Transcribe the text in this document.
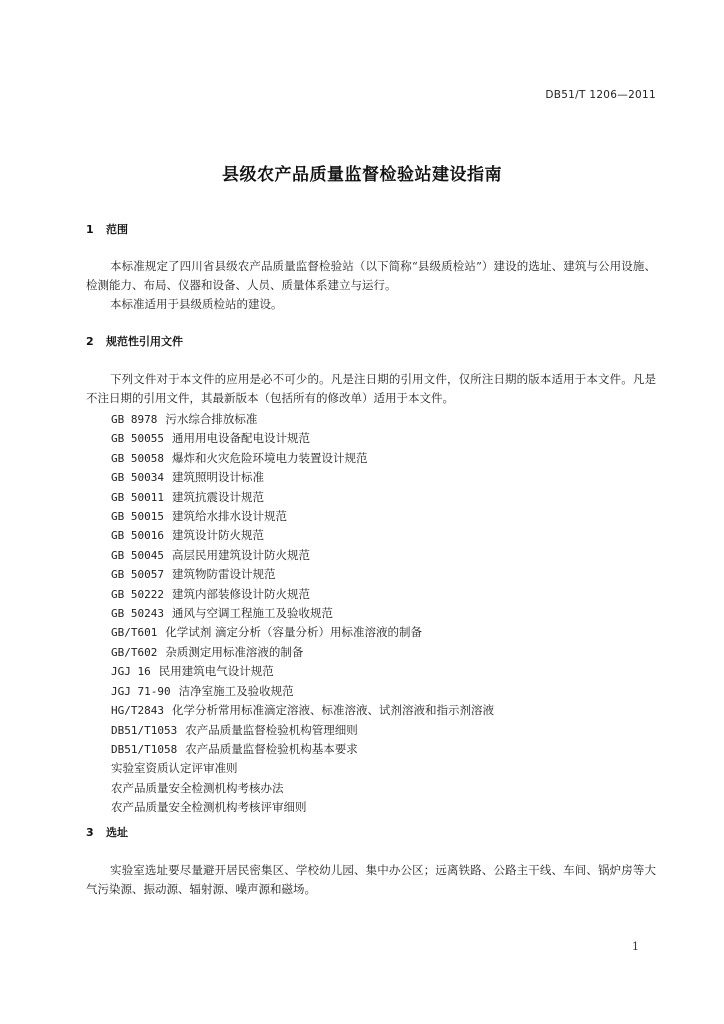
DB51/T 1206—2011
县级农产品质量监督检验站建设指南
1 范围
本标准规定了四川省县级农产品质量监督检验站（以下简称“县级质检站”）建设的选址、建筑与公用设施、检测能力、布局、仪器和设备、人员、质量体系建立与运行。
本标准适用于县级质检站的建设。
2 规范性引用文件
下列文件对于本文件的应用是必不可少的。凡是注日期的引用文件，仅所注日期的版本适用于本文件。凡是不注日期的引用文件，其最新版本（包括所有的修改单）适用于本文件。
GB 8978 污水综合排放标准
GB 50055 通用用电设备配电设计规范
GB 50058 爆炸和火灾危险环境电力装置设计规范
GB 50034 建筑照明设计标准
GB 50011 建筑抗震设计规范
GB 50015 建筑给水排水设计规范
GB 50016 建筑设计防火规范
GB 50045 高层民用建筑设计防火规范
GB 50057 建筑物防雷设计规范
GB 50222 建筑内部装修设计防火规范
GB 50243 通风与空调工程施工及验收规范
GB/T601 化学试剂 滴定分析（容量分析）用标准溶液的制备
GB/T602 杂质测定用标准溶液的制备
JGJ 16 民用建筑电气设计规范
JGJ 71-90 洁净室施工及验收规范
HG/T2843 化学分析常用标准滴定溶液、标准溶液、试剂溶液和指示剂溶液
DB51/T1053 农产品质量监督检验机构管理细则
DB51/T1058 农产品质量监督检验机构基本要求
实验室资质认定评审准则
农产品质量安全检测机构考核办法
农产品质量安全检测机构考核评审细则
3 选址
实验室选址要尽量避开居民密集区、学校幼儿园、集中办公区；远离铁路、公路主干线、车间、锅炉房等大气污染源、振动源、辐射源、噪声源和磁场。
1
